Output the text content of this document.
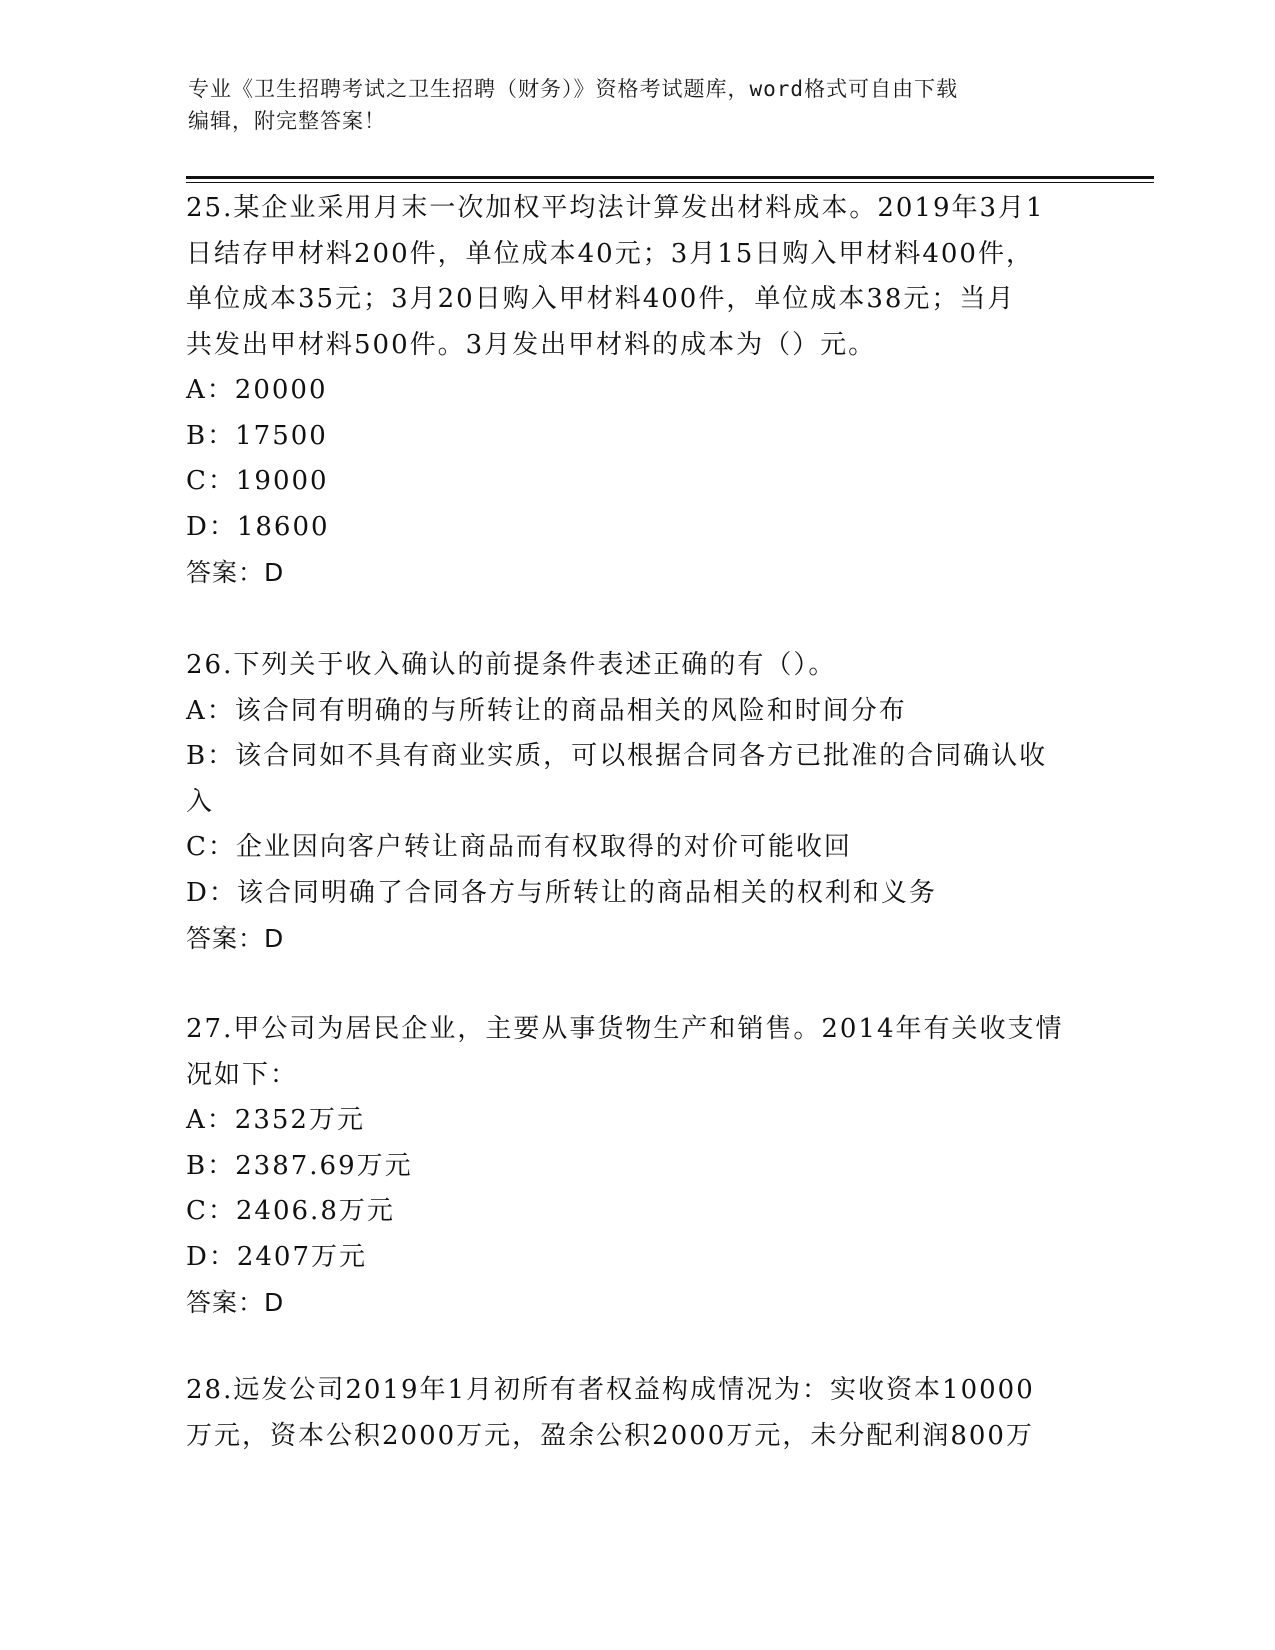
专业《卫生招聘考试之卫生招聘（财务）》资格考试题库，word格式可自由下载
编辑，附完整答案！

25.某企业采用月末一次加权平均法计算发出材料成本。2019年3月1

日结存甲材料200件，单位成本40元；3月15日购入甲材料400件，

单位成本35元；3月20日购入甲材料400件，单位成本38元；当月

共发出甲材料500件。3月发出甲材料的成本为（）元。

A：20000

B：17500

C：19000

D：18600

答案：D

26.下列关于收入确认的前提条件表述正确的有（）。

A：该合同有明确的与所转让的商品相关的风险和时间分布

B：该合同如不具有商业实质，可以根据合同各方已批准的合同确认收

入

C：企业因向客户转让商品而有权取得的对价可能收回

D：该合同明确了合同各方与所转让的商品相关的权利和义务

答案：D

27.甲公司为居民企业，主要从事货物生产和销售。2014年有关收支情

况如下：

A：2352万元

B：2387.69万元

C：2406.8万元

D：2407万元

答案：D

28.远发公司2019年1月初所有者权益构成情况为：实收资本10000

万元，资本公积2000万元，盈余公积2000万元，未分配利润800万
